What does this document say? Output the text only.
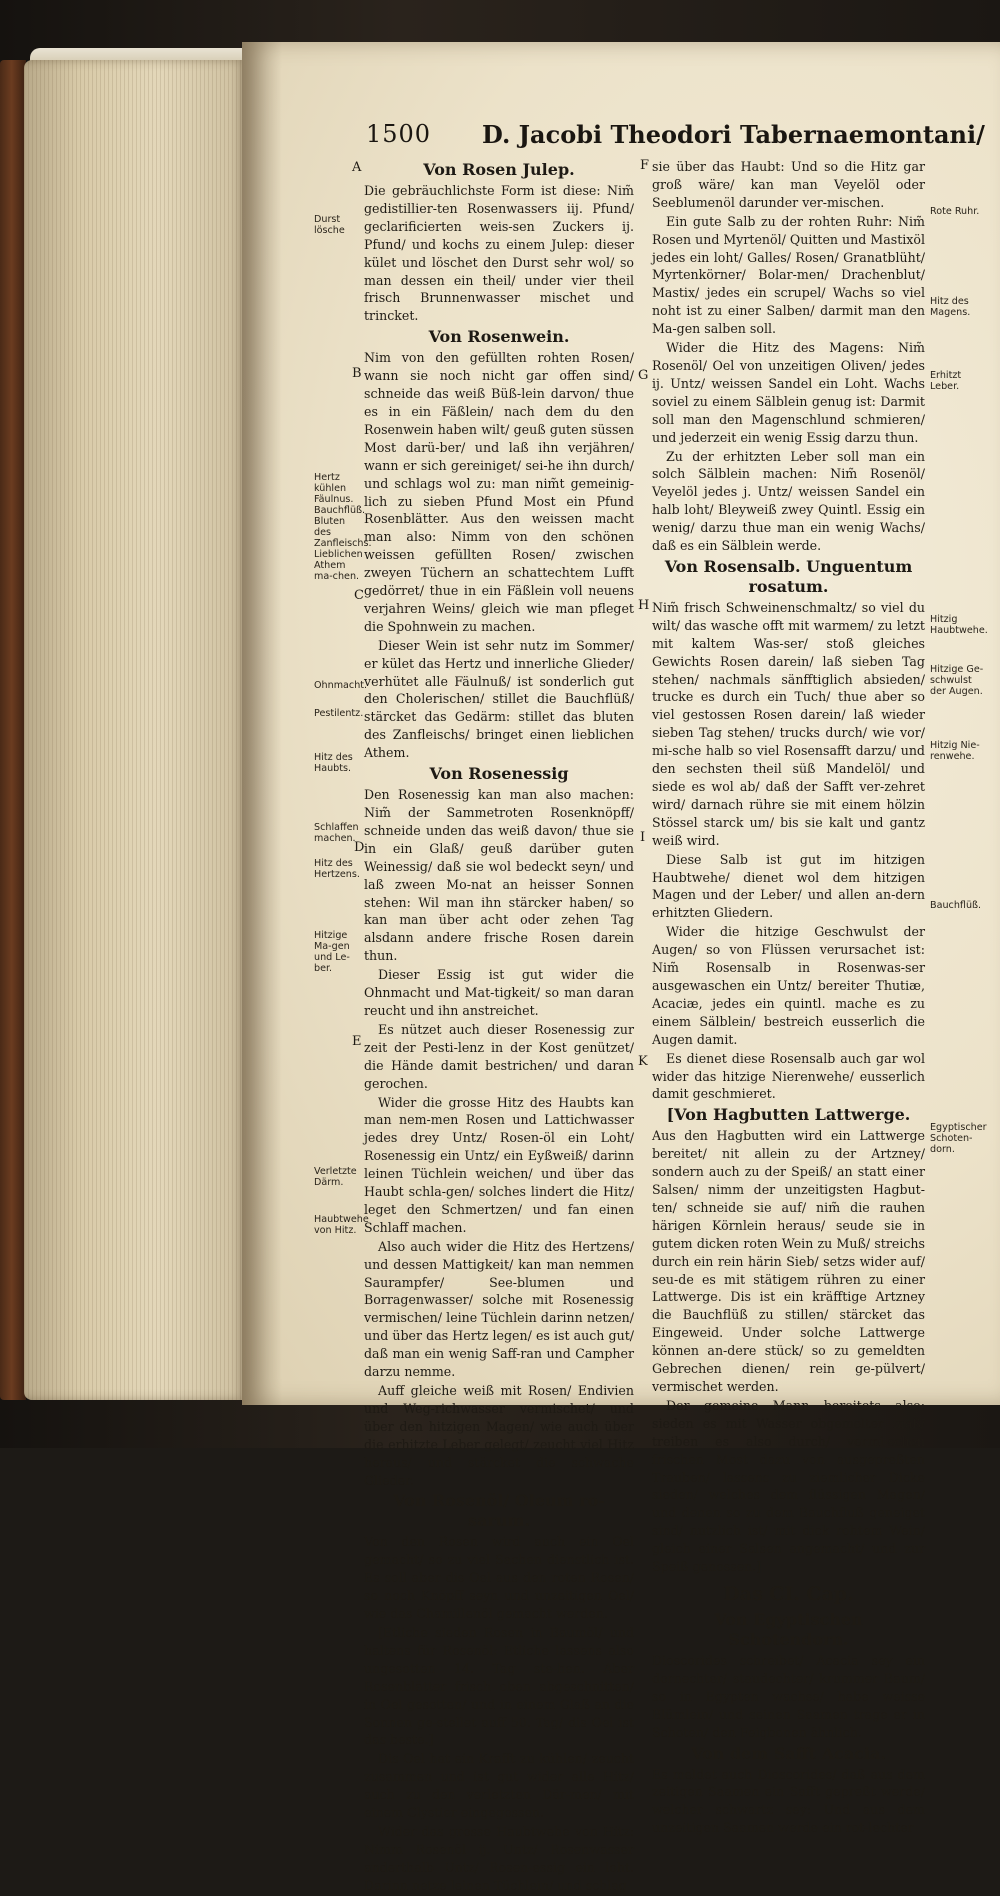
1500 D. Jacobi Theodori Tabernaemontani/
A
B
C
D
E
F
G
H
I
K
Durst lösche
Hertz kühlen Fäulnus. Bauchflüß. Bluten des Zanfleischs. Lieblichen Athem ma-chen.
Ohnmacht.
Pestilentz.
Hitz des Haubts.
Schlaffen machen.
Hitz des Hertzens.
Hitzige Ma-gen und Le-ber.
Verletzte Därm.
Haubtwehe von Hitz.
Rote Ruhr.
Hitz des Magens.
Erhitzt Leber.
Hitzig Haubtwehe.
Hitzige Ge-schwulst der Augen.
Hitzig Nie-renwehe.
Bauchflüß.
Egyptischer Schoten-dorn.
Von Rosen Julep.

Die gebräuchlichste Form ist diese: Nim̃ gedistillier-ten Rosenwassers iij. Pfund/ geclarificierten weis-sen Zuckers ij. Pfund/ und kochs zu einem Julep: dieser kület und löschet den Durst sehr wol/ so man dessen ein theil/ under vier theil frisch Brunnenwasser mischet und trincket.

Von Rosenwein.

Nim von den gefüllten rohten Rosen/ wann sie noch nicht gar offen sind/ schneide das weiß Büß-lein darvon/ thue es in ein Fäßlein/ nach dem du den Rosenwein haben wilt/ geuß guten süssen Most darü-ber/ und laß ihn verjähren/ wann er sich gereiniget/ sei-he ihn durch/ und schlags wol zu: man nim̃t gemeinig-lich zu sieben Pfund Most ein Pfund Rosenblätter. Aus den weissen macht man also: Nimm von den schönen weissen gefüllten Rosen/ zwischen zweyen Tüchern an schattechtem Lufft gedörret/ thue in ein Fäßlein voll neuens verjahren Weins/ gleich wie man pfleget die Spohnwein zu machen.

Dieser Wein ist sehr nutz im Sommer/ er kület das Hertz und innerliche Glieder/ verhütet alle Fäulnuß/ ist sonderlich gut den Cholerischen/ stillet die Bauchflüß/ stärcket das Gedärm: stillet das bluten des Zanfleischs/ bringet einen lieblichen Athem.

Von Rosenessig

Den Rosenessig kan man also machen: Nim̃ der Sammetroten Rosenknöpff/ schneide unden das weiß davon/ thue sie in ein Glaß/ geuß darüber guten Weinessig/ daß sie wol bedeckt seyn/ und laß zween Mo-nat an heisser Sonnen stehen: Wil man ihn stärcker haben/ so kan man über acht oder zehen Tag alsdann andere frische Rosen darein thun.

Dieser Essig ist gut wider die Ohnmacht und Mat-tigkeit/ so man daran reucht und ihn anstreichet.

Es nützet auch dieser Rosenessig zur zeit der Pesti-lenz in der Kost genützet/ die Hände damit bestrichen/ und daran gerochen.

Wider die grosse Hitz des Haubts kan man nem-men Rosen und Lattichwasser jedes drey Untz/ Rosen-öl ein Loht/ Rosenessig ein Untz/ ein Eyßweiß/ darinn leinen Tüchlein weichen/ und über das Haubt schla-gen/ solches lindert die Hitz/ leget den Schmertzen/ und fan einen Schlaff machen.

Also auch wider die Hitz des Hertzens/ und dessen Mattigkeit/ kan man nemmen Saurampfer/ See-blumen und Borragenwasser/ solche mit Rosenessig vermischen/ leine Tüchlein darinn netzen/ und über das Hertz legen/ es ist auch gut/ daß man ein wenig Saff-ran und Campher darzu nemme.

Auff gleiche weiß mit Rosen/ Endivien und Weg-richwasser vermischet/ und über den hitzigen Magen/ wie auch über die erhitzte Leber gelegt/ zeucht viel Hitz heraus/ und stärcket die schwache Glieder.

Von Rosenöl/ Oleum ro-sarum.

Von den Rosen wird auch ein Oel gemacht/ so zu viel Sachen dienstlich ist. Es soll aber dis Oel aus den roten Rosen/ so noch Knöpff seyn und unzeitigen Oel/ wie das Chamillenöl gemacht werden.

[Etliche sieden Rosen in Baumöl/ und haltens für Rosenöl: Etliche lassens also ungesotten 14. Tag ste-hen. Aber Rosenblätter frisch oben abgeschnitten/ in Oel gesotten/ und in einem Glaß an die Sonnen ge-stellet auff 50. Tag/ dis Oel ist das beste.]

Dis Oel hat ein Krafft zu kühlen/ zeucht zusammen und ist gut wider alle Hitz/ auch zu den verletzten Där-men/ mit einem Clystier eingegossen.

Wider das grosse Haubtwehe von Hitz: Nimm Rosenöl ij. Untz/ Rosenwasser anderthalb Untz/ Rosen-essig ein loht. Darinn netze leinen Tüchlein/ und schlag

sie über das Haubt: Und so die Hitz gar groß wäre/ kan man Veyelöl oder Seeblumenöl darunder ver-mischen.

Ein gute Salb zu der rohten Ruhr: Nim̃ Rosen und Myrtenöl/ Quitten und Mastixöl jedes ein loht/ Galles/ Rosen/ Granatblüht/ Myrtenkörner/ Bolar-men/ Drachenblut/ Mastix/ jedes ein scrupel/ Wachs so viel noht ist zu einer Salben/ darmit man den Ma-gen salben soll.

Wider die Hitz des Magens: Nim̃ Rosenöl/ Oel von unzeitigen Oliven/ jedes ij. Untz/ weissen Sandel ein Loht. Wachs soviel zu einem Sälblein genug ist: Darmit soll man den Magenschlund schmieren/ und jederzeit ein wenig Essig darzu thun.

Zu der erhitzten Leber soll man ein solch Sälblein machen: Nim̃ Rosenöl/ Veyelöl jedes j. Untz/ weissen Sandel ein halb loht/ Bleyweiß zwey Quintl. Essig ein wenig/ darzu thue man ein wenig Wachs/ daß es ein Sälblein werde.

Von Rosensalb. Unguentum rosatum.

Nim̃ frisch Schweinenschmaltz/ so viel du wilt/ das wasche offt mit warmem/ zu letzt mit kaltem Was-ser/ stoß gleiches Gewichts Rosen darein/ laß sieben Tag stehen/ nachmals sänfftiglich absieden/ trucke es durch ein Tuch/ thue aber so viel gestossen Rosen darein/ laß wieder sieben Tag stehen/ trucks durch/ wie vor/ mi-sche halb so viel Rosensafft darzu/ und den sechsten theil süß Mandelöl/ und siede es wol ab/ daß der Safft ver-zehret wird/ darnach rühre sie mit einem hölzin Stössel starck um/ bis sie kalt und gantz weiß wird.

Diese Salb ist gut im hitzigen Haubtwehe/ dienet wol dem hitzigen Magen und der Leber/ und allen an-dern erhitzten Gliedern.

Wider die hitzige Geschwulst der Augen/ so von Flüssen verursachet ist: Nim̃ Rosensalb in Rosenwas-ser ausgewaschen ein Untz/ bereiter Thutiæ, Acaciæ, jedes ein quintl. mache es zu einem Sälblein/ bestreich eusserlich die Augen damit.

Es dienet diese Rosensalb auch gar wol wider das hitzige Nierenwehe/ eusserlich damit geschmieret.

[Von Hagbutten Lattwerge.

Aus den Hagbutten wird ein Lattwerge bereitet/ nit allein zu der Artzney/ sondern auch zu der Speiß/ an statt einer Salsen/ nimm der unzeitigsten Hagbut-ten/ schneide sie auf/ nim̃ die rauhen härigen Körnlein heraus/ seude sie in gutem dicken roten Wein zu Muß/ streichs durch ein rein härin Sieb/ setzs wider auf/ seu-de es mit stätigem rühren zu einer Lattwerge. Dis ist ein kräfftige Artzney die Bauchflüß zu stillen/ stärcket das Eingeweid. Under solche Lattwerge können an-dere stück/ so zu gemeldten Gebrechen dienen/ rein ge-pülvert/ vermischet werden.

Der gemeine Mann bereitets also: sieden es mit Wasser obgemelter maß/ treiben es also durch/ vermi-schen frischen Most dazu von ausgepreßten Trauben/ lassens zu ziemlicher Dicke sieden/ welches dem flüssigen Magen/ und denen so zu dem Bauchfluß geneiget sind/ nutzlich ist/ mit dick rohtem Wein/ gleich einer Salsen angemacht/ und zur Speiß genossen.]

Das CI. Cap.
Von Egyptischen Schotendorn.

Dioscorides schreibet/ Acacia sey ein dornechter/ staudechter/ krummer Baum/ so in Egypten wachse/ habe weisse Blümlein/ und seinen Saamen trage er in Schoten/ den Feigbonen ähnlich.

Von dem Safft Acacia.

Es meldet auch Dioscorides/ daß aus dem zeitigen Saamen ein Safft gepreßt werde/ welcher schwartz sey: Und aus dem unzeitigen Saamen werde ein rot-lechter
